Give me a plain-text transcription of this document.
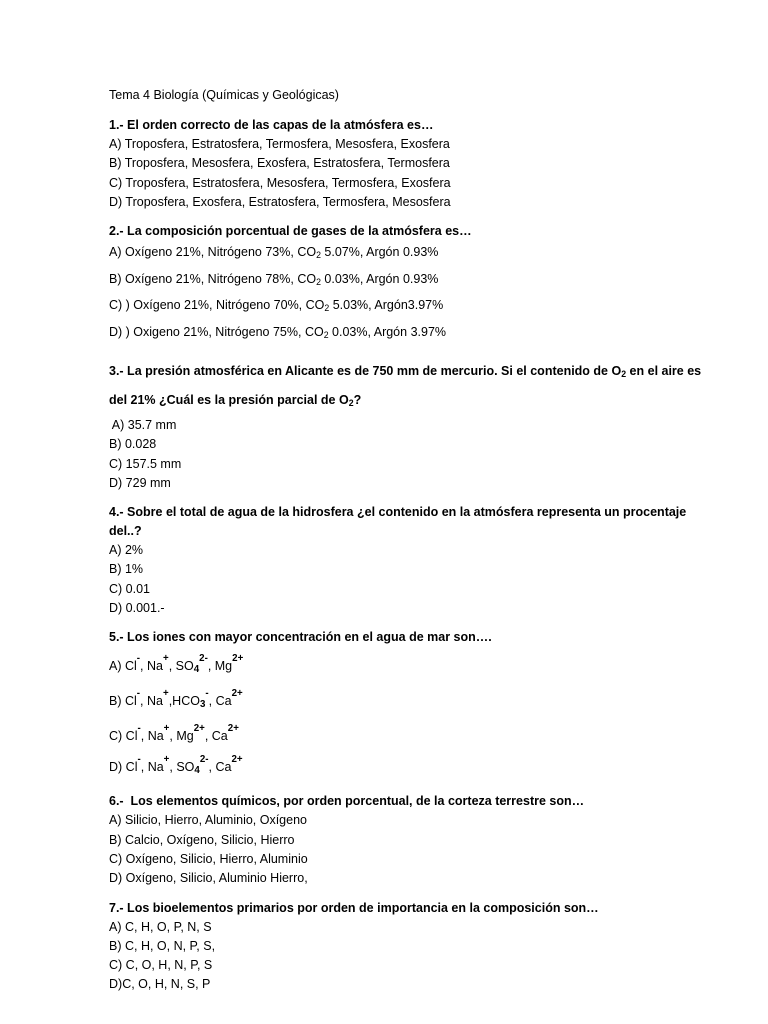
Tema 4 Biología (Químicas y Geológicas)
1.- El orden correcto de las capas de la atmósfera es…
A) Troposfera, Estratosfera, Termosfera, Mesosfera, Exosfera
B) Troposfera, Mesosfera, Exosfera, Estratosfera, Termosfera
C) Troposfera, Estratosfera, Mesosfera, Termosfera, Exosfera
D) Troposfera, Exosfera, Estratosfera, Termosfera, Mesosfera
2.- La composición porcentual de gases de la atmósfera es…
A) Oxígeno 21%, Nitrógeno 73%, $CO_2$ 5.07%, Argón 0.93%
B) Oxígeno 21%, Nitrógeno 78%, $CO_2$ 0.03%, Argón 0.93%
C) ) Oxígeno 21%, Nitrógeno 70%, $CO_2$ 5.03%, Argón3.97%
D) ) Oxigeno 21%, Nitrógeno 75%, $CO_2$ 0.03%, Argón 3.97%
3.- La presión atmosférica en Alicante es de 750 mm de mercurio. Si el contenido de $O_2$ en el aire es del 21% ¿Cuál es la presión parcial de $O_2$?
A) 35.7 mm
B) 0.028
C) 157.5 mm
D) 729 mm
4.- Sobre el total de agua de la hidrosfera ¿el contenido en la atmósfera representa un procentaje del..?
A) 2%
B) 1%
C) 0.01
D) 0.001.-
5.- Los iones con mayor concentración en el agua de mar son….
A) Cl-, Na+, $SO_4^{2-}$, $Mg^{2+}$
B) Cl-, $Na^+,HCO_3^-$, $Ca^{2+}$
C) Cl-, Na+, $Mg^{2+}$, $Ca^{2+}$
D) Cl-, Na+, $SO_4^{2-}$, $Ca^{2+}$
6.-  Los elementos químicos, por orden porcentual, de la corteza terrestre son…
A) Silicio, Hierro, Aluminio, Oxígeno
B) Calcio, Oxígeno, Silicio, Hierro
C) Oxígeno, Silicio, Hierro, Aluminio
D) Oxígeno, Silicio, Aluminio Hierro,
7.- Los bioelementos primarios por orden de importancia en la composición son…
A) C, H, O, P, N, S
B) C, H, O, N, P, S,
C) C, O, H, N, P, S
D)C, O, H, N, S, P
